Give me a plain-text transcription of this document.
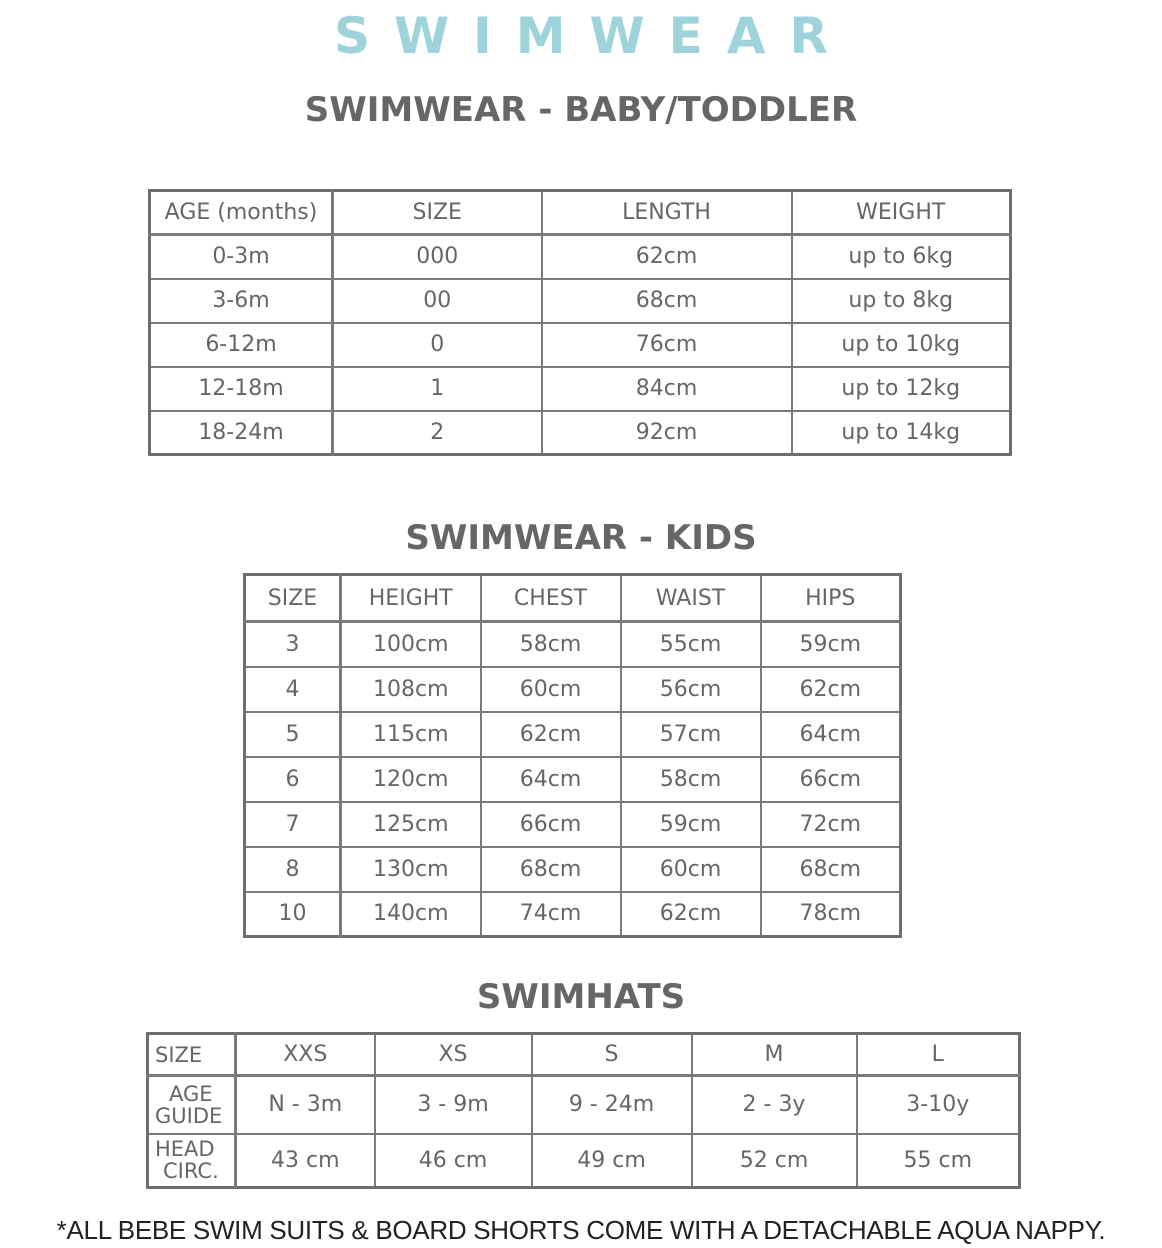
SWIMWEAR
SWIMWEAR - BABY/TODDLER
AGE (months)	SIZE	LENGTH	WEIGHT
0-3m	000	62cm	up to 6kg
3-6m	00	68cm	up to 8kg
6-12m	0	76cm	up to 10kg
12-18m	1	84cm	up to 12kg
18-24m	2	92cm	up to 14kg
SWIMWEAR - KIDS
SIZE	HEIGHT	CHEST	WAIST	HIPS
3	100cm	58cm	55cm	59cm
4	108cm	60cm	56cm	62cm
5	115cm	62cm	57cm	64cm
6	120cm	64cm	58cm	66cm
7	125cm	66cm	59cm	72cm
8	130cm	68cm	60cm	68cm
10	140cm	74cm	62cm	78cm
SWIMHATS
SIZE	XXS	XS	S	M	L

AGE
GUIDE	N - 3m	3 - 9m	9 - 24m	2 - 3y	3-10y

HEAD
CIRC.	43 cm	46 cm	49 cm	52 cm	55 cm
*ALL BEBE SWIM SUITS & BOARD SHORTS COME WITH A DETACHABLE AQUA NAPPY.
